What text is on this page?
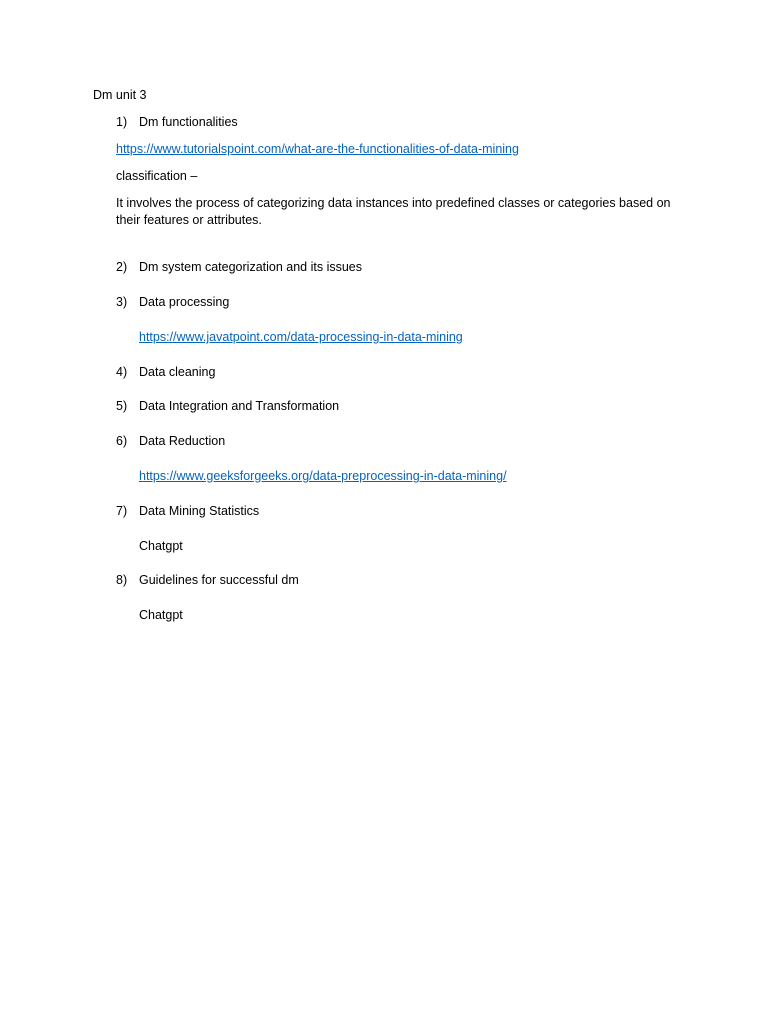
Dm unit 3
1) Dm functionalities
https://www.tutorialspoint.com/what-are-the-functionalities-of-data-mining
classification –
It involves the process of categorizing data instances into predefined classes or categories based on their features or attributes.
2) Dm system categorization and its issues
3) Data processing
https://www.javatpoint.com/data-processing-in-data-mining
4) Data cleaning
5) Data Integration and Transformation
6) Data Reduction
https://www.geeksforgeeks.org/data-preprocessing-in-data-mining/
7) Data Mining Statistics
Chatgpt
8) Guidelines for successful dm
Chatgpt
